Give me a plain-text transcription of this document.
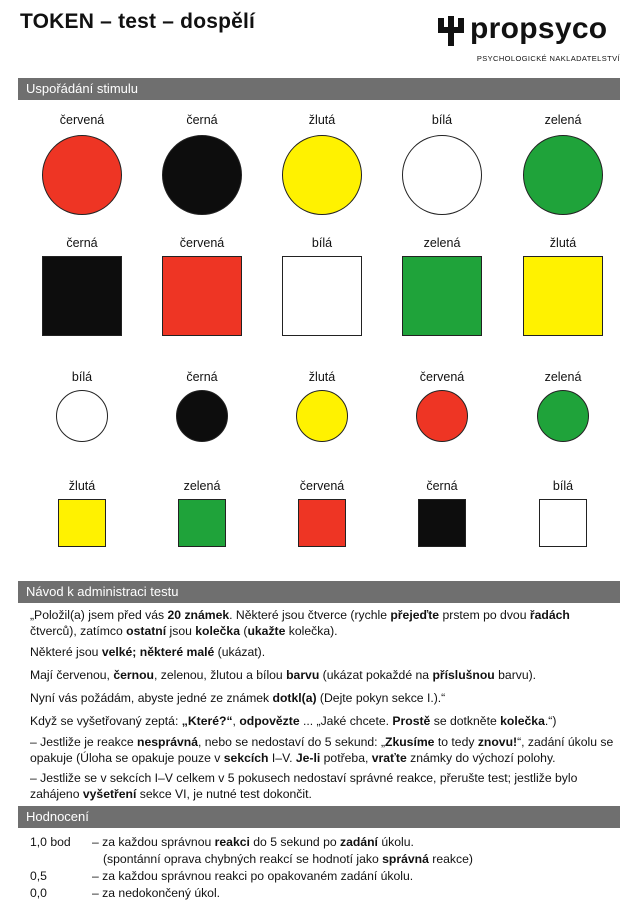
TOKEN – test – dospělí	propsyco
PSYCHOLOGICKÉ NAKLADATELSTVÍ
Uspořádání stimulu
červená	černá	žlutá	bílá	zelená
černá	červená	bílá	zelená	žlutá
bílá	černá	žlutá	červená	zelená
žlutá	zelená	červená	černá	bílá
Návod k administraci testu
„Položil(a) jsem před vás 20 známek. Některé jsou čtverce (rychle přejeďte prstem po dvou řadách čtverců), zatímco ostatní jsou kolečka (ukažte kolečka).
Některé jsou velké; některé malé (ukázat).
Mají červenou, černou, zelenou, žlutou a bílou barvu (ukázat pokaždé na příslušnou barvu).
Nyní vás požádám, abyste jedné ze známek dotkl(a) (Dejte pokyn sekce I.).“
Když se vyšetřovaný zeptá: „Které?“, odpovězte ... „Jaké chcete. Prostě se dotkněte kolečka.“)
– Jestliže je reakce nesprávná, nebo se nedostaví do 5 sekund: „Zkusíme to tedy znovu!“, zadání úkolu se opakuje (Úloha se opakuje pouze v sekcích I–V. Je-li potřeba, vraťte známky do výchozí polohy.
– Jestliže se v sekcích I–V celkem v 5 pokusech nedostaví správné reakce, přerušte test; jestliže bylo zahájeno vyšetření sekce VI, je nutné test dokončit.
Hodnocení
1,0 bod – za každou správnou reakci do 5 sekund po zadání úkolu.
(spontánní oprava chybných reakcí se hodnotí jako správná reakce)
0,5	– za každou správnou reakci po opakovaném zadání úkolu.
0,0	– za nedokončený úkol.
